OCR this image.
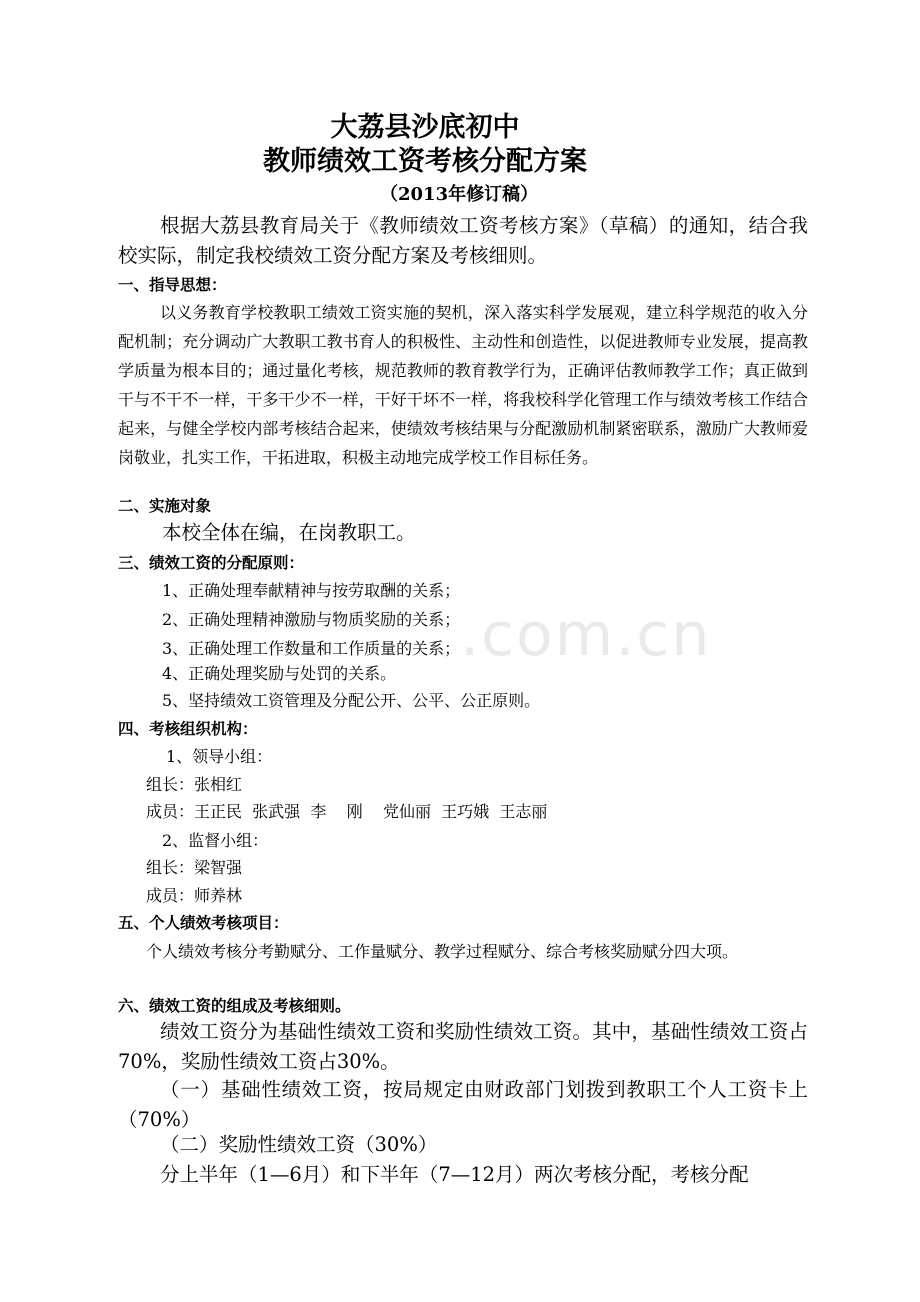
.com.cn
大荔县沙底初中
教师绩效工资考核分配方案
（2013年修订稿）
根据大荔县教育局关于《教师绩效工资考核方案》（草稿）的通知，结合我校实际，制定我校绩效工资分配方案及考核细则。
一、指导思想：
以义务教育学校教职工绩效工资实施的契机，深入落实科学发展观，建立科学规范的收入分配机制；充分调动广大教职工教书育人的积极性、主动性和创造性，以促进教师专业发展，提高教学质量为根本目的；通过量化考核，规范教师的教育教学行为，正确评估教师教学工作；真正做到干与不干不一样，干多干少不一样，干好干坏不一样，将我校科学化管理工作与绩效考核工作结合起来，与健全学校内部考核结合起来，使绩效考核结果与分配激励机制紧密联系，激励广大教师爱岗敬业，扎实工作，干拓进取，积极主动地完成学校工作目标任务。
二、实施对象
本校全体在编，在岗教职工。
三、绩效工资的分配原则：
1、正确处理奉献精神与按劳取酬的关系；
2、正确处理精神激励与物质奖励的关系；
3、正确处理工作数量和工作质量的关系；
4、正确处理奖励与处罚的关系。
5、坚持绩效工资管理及分配公开、公平、公正原则。
四、考核组织机构：
1、领导小组：
组长：张相红
成员：王正民  张武强  李    刚    党仙丽  王巧娥  王志丽
2、监督小组：
组长：梁智强
成员：师养林
五、个人绩效考核项目：
个人绩效考核分考勤赋分、工作量赋分、教学过程赋分、综合考核奖励赋分四大项。
六、绩效工资的组成及考核细则。
绩效工资分为基础性绩效工资和奖励性绩效工资。其中，基础性绩效工资占70%，奖励性绩效工资占30%。
（一）基础性绩效工资，按局规定由财政部门划拨到教职工个人工资卡上（70%）
（二）奖励性绩效工资（30%）
分上半年（1—6月）和下半年（7—12月）两次考核分配，考核分配
